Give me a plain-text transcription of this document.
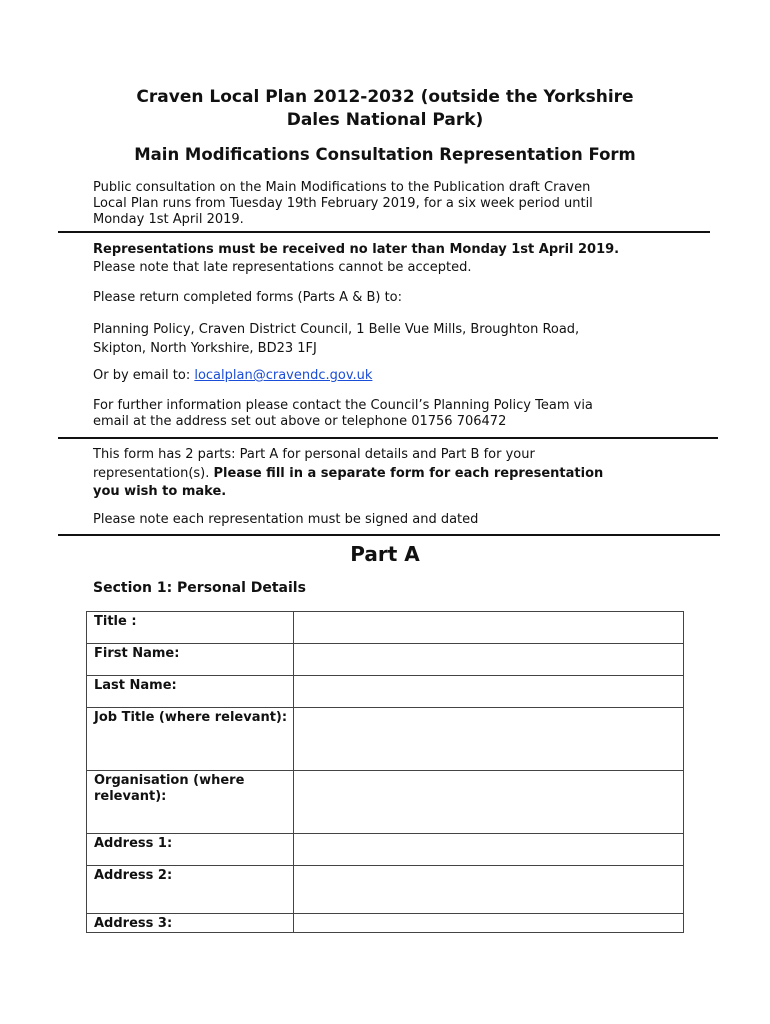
Craven Local Plan 2012-2032 (outside the Yorkshire
Dales National Park)
Main Modifications Consultation Representation Form
Public consultation on the Main Modifications to the Publication draft Craven
Local Plan runs from Tuesday 19th February 2019, for a six week period until
Monday 1st April 2019.
Representations must be received no later than Monday 1st April 2019.
Please note that late representations cannot be accepted.
Please return completed forms (Parts A & B) to:
Planning Policy, Craven District Council, 1 Belle Vue Mills, Broughton Road,
Skipton, North Yorkshire, BD23 1FJ
Or by email to: localplan@cravendc.gov.uk
For further information please contact the Council’s Planning Policy Team via
email at the address set out above or telephone 01756 706472
This form has 2 parts: Part A for personal details and Part B for your
representation(s). Please fill in a separate form for each representation
you wish to make.
Please note each representation must be signed and dated
Part A
Section 1: Personal Details
Title :	
First Name:	
Last Name:	
Job Title (where relevant):	
Organisation (where relevant):	
Address 1:	
Address 2:	
Address 3:	
